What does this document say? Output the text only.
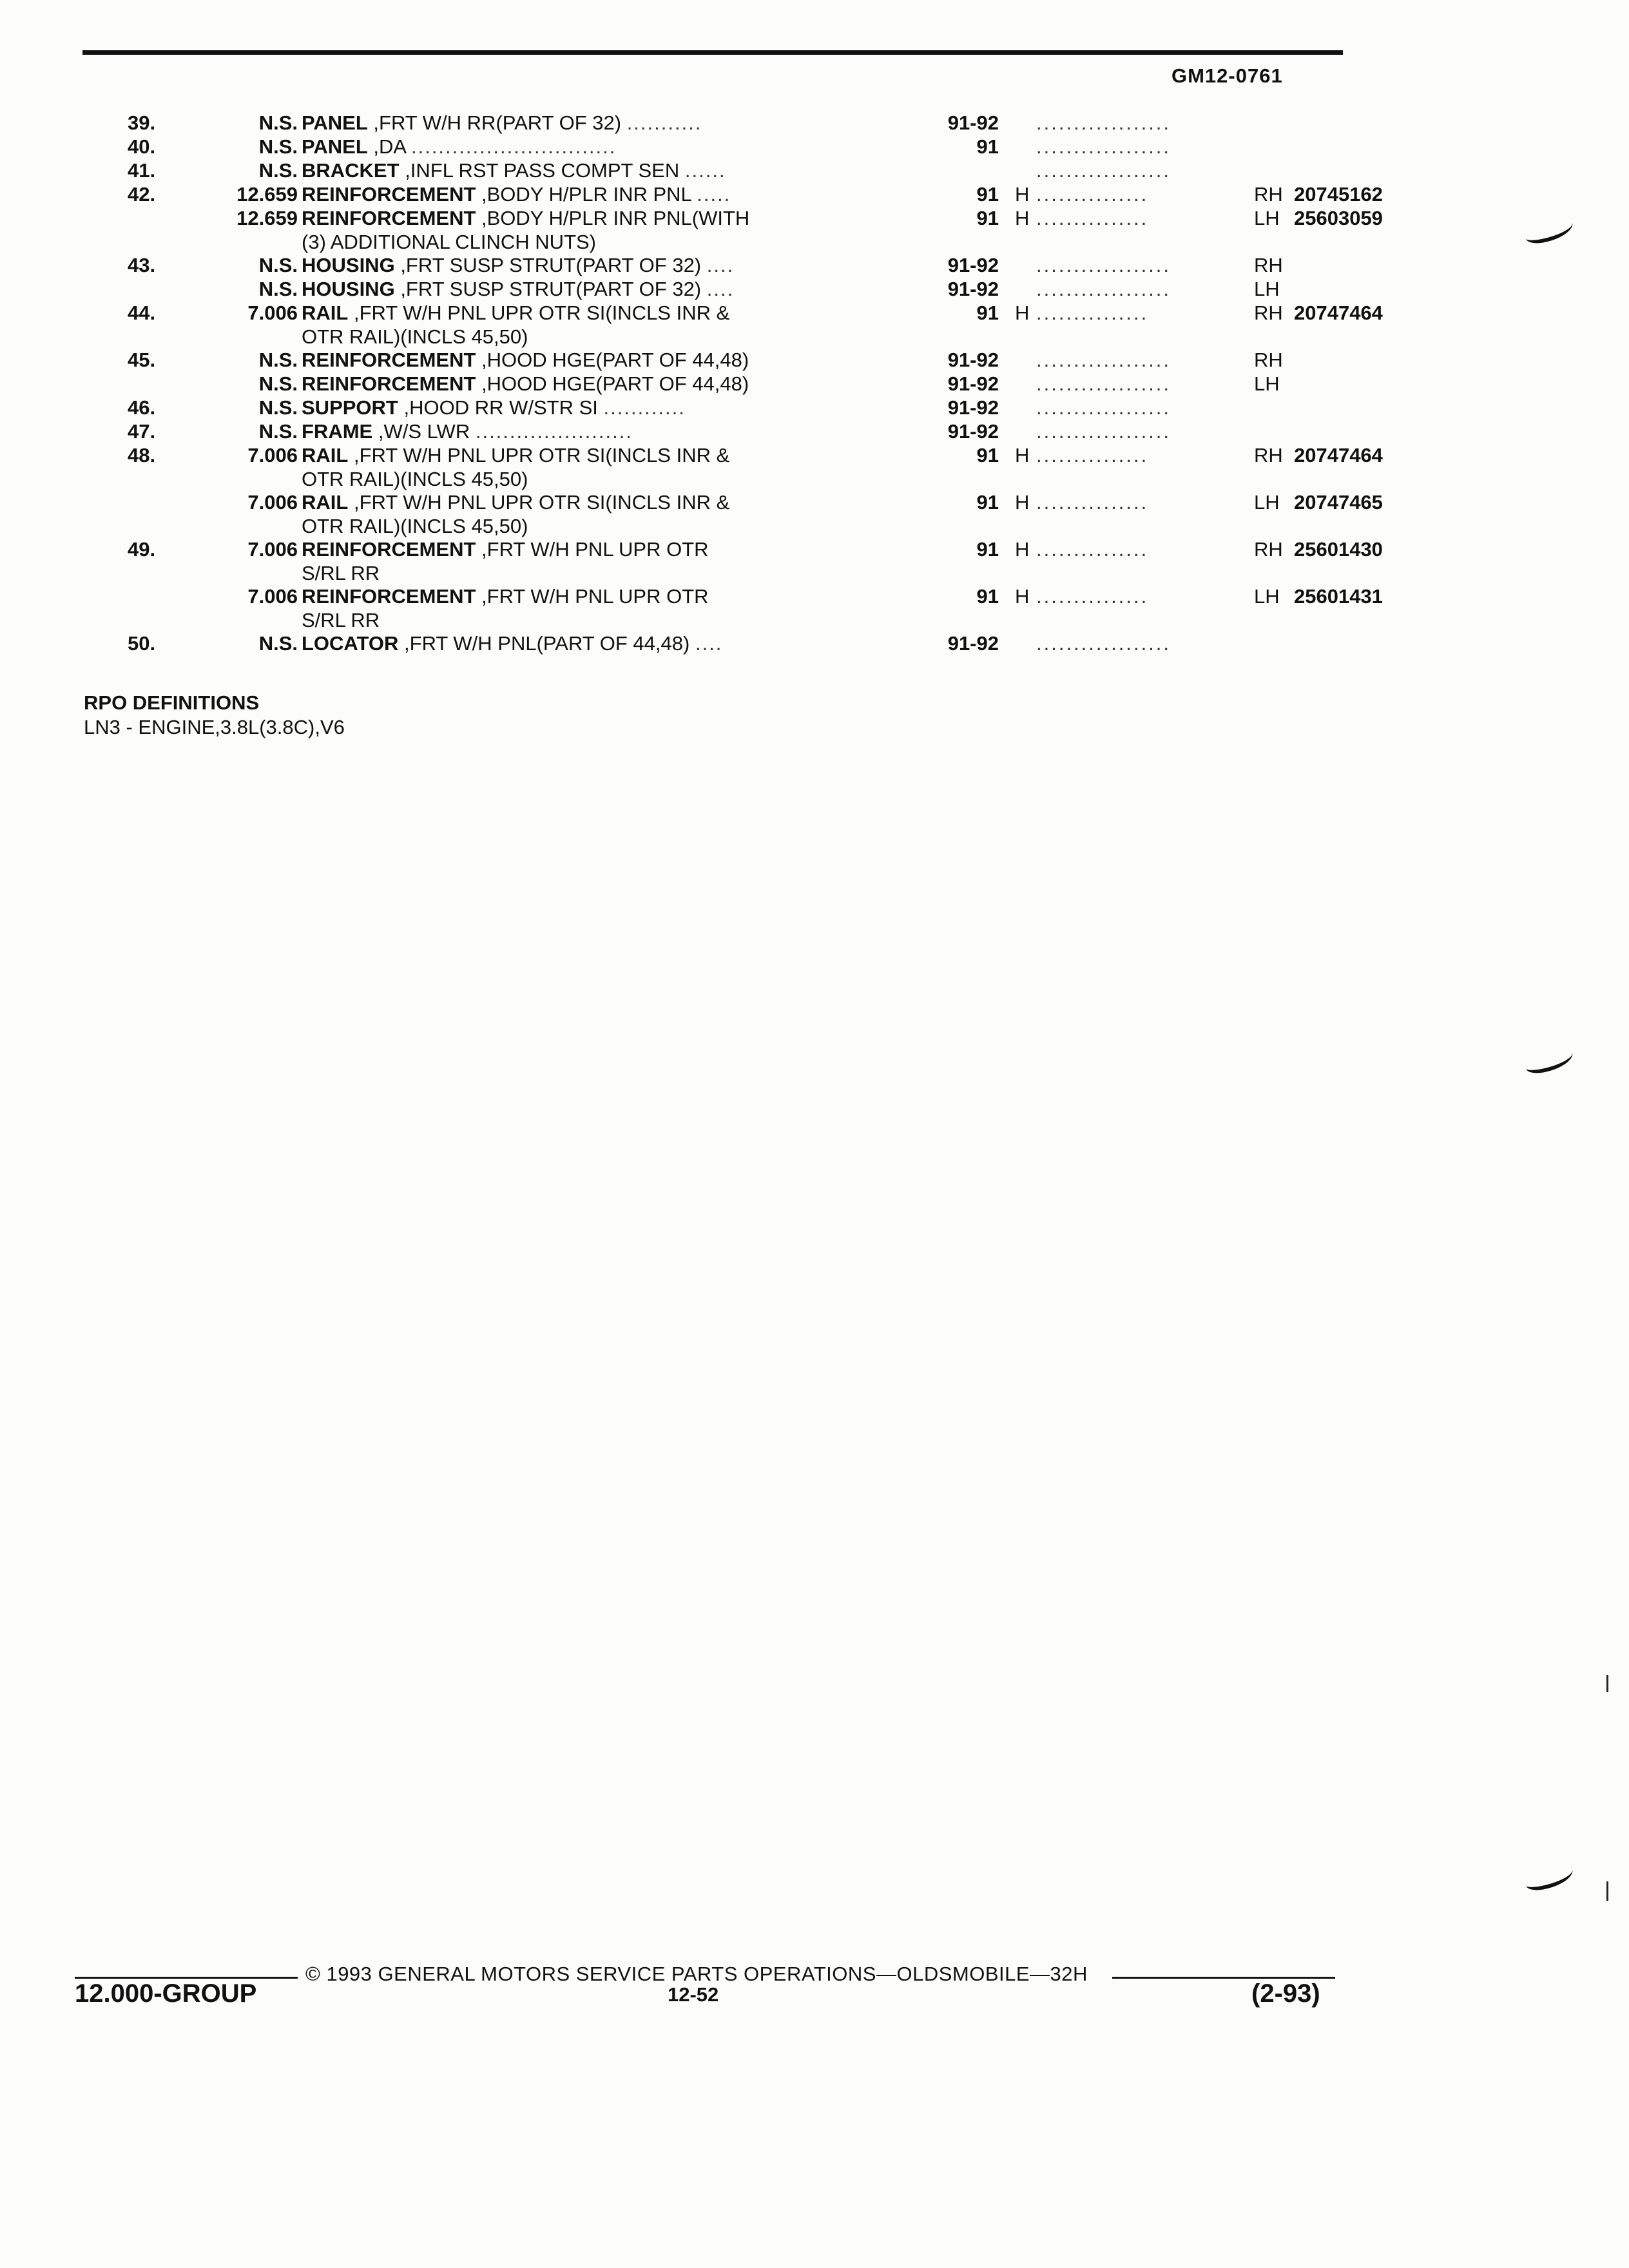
GM12-0761
39.	N.S. PANEL ,FRT W/H RR(PART OF 32) ...........	91-92 ..................
40.	N.S. PANEL ,DA ..............................	91 ..................
41.	N.S. BRACKET ,INFL RST PASS COMPT SEN ......	..................
42.	12.659 REINFORCEMENT ,BODY H/PLR INR PNL .....	91 H ...............	RH 20745162
12.659 REINFORCEMENT ,BODY H/PLR INR PNL(WITH	91 H ...............	LH 25603059
(3) ADDITIONAL CLINCH NUTS)
43.	N.S. HOUSING ,FRT SUSP STRUT(PART OF 32) ....	91-92 ..................	RH
N.S. HOUSING ,FRT SUSP STRUT(PART OF 32) ....	91-92 ..................	LH
44.	7.006 RAIL ,FRT W/H PNL UPR OTR SI(INCLS INR &	91 H ...............	RH 20747464
OTR RAIL)(INCLS 45,50)
45.	N.S. REINFORCEMENT ,HOOD HGE(PART OF 44,48)	91-92 ..................	RH
N.S. REINFORCEMENT ,HOOD HGE(PART OF 44,48)	91-92 ..................	LH
46.	N.S. SUPPORT ,HOOD RR W/STR SI ............	91-92 ..................
47.	N.S. FRAME ,W/S LWR .......................	91-92 ..................
48.	7.006 RAIL ,FRT W/H PNL UPR OTR SI(INCLS INR &	91 H ...............	RH 20747464
OTR RAIL)(INCLS 45,50)
7.006 RAIL ,FRT W/H PNL UPR OTR SI(INCLS INR &	91 H ...............	LH 20747465
OTR RAIL)(INCLS 45,50)
49.	7.006 REINFORCEMENT ,FRT W/H PNL UPR OTR	91 H ...............	RH 25601430
S/RL RR
7.006 REINFORCEMENT ,FRT W/H PNL UPR OTR	91 H ...............	LH 25601431
S/RL RR
50.	N.S. LOCATOR ,FRT W/H PNL(PART OF 44,48) ....	91-92 ..................
RPO DEFINITIONS
LN3 - ENGINE,3.8L(3.8C),V6
© 1993 GENERAL MOTORS SERVICE PARTS OPERATIONS—OLDSMOBILE—32H
12.000-GROUP	12-52	(2-93)
